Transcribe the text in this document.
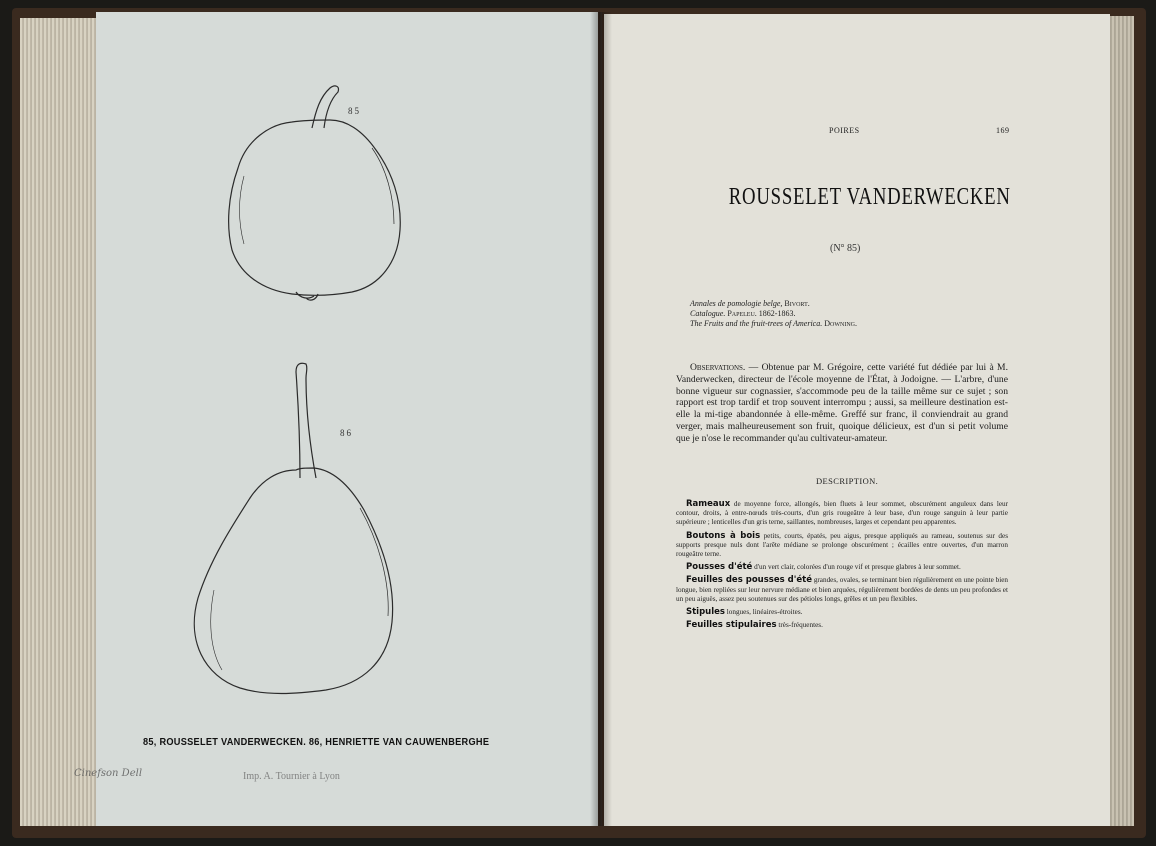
85
86
85, ROUSSELET VANDERWECKEN. 86, HENRIETTE VAN CAUWENBERGHE
Cinefson Dell	Imp. A. Tournier à Lyon
POIRES	169
ROUSSELET VANDERWECKEN
(N° 85)
Annales de pomologie belge, Bivort.
Catalogue. Papeleu. 1862-1863.
The Fruits and the fruit-trees of America. Downing.
Observations. — Obtenue par M. Grégoire, cette variété fut dédiée par lui à M. Vanderwecken, directeur de l'école moyenne de l'État, à Jodoigne. — L'arbre, d'une bonne vigueur sur cognassier, s'accommode peu de la taille même sur ce sujet ; son rapport est trop tardif et trop souvent interrompu ; aussi, sa meilleure destination est-elle la mi-tige abandonnée à elle-même. Greffé sur franc, il conviendrait au grand verger, mais malheureusement son fruit, quoique délicieux, est d'un si petit volume que je n'ose le recommander qu'au cultivateur-amateur.
DESCRIPTION.

Rameaux de moyenne force, allongés, bien fluets à leur sommet, obscurément anguleux dans leur contour, droits, à entre-nœuds très-courts, d'un gris rougeâtre à leur base, d'un rouge sanguin à leur partie supérieure ; lenticelles d'un gris terne, saillantes, nombreuses, larges et cependant peu apparentes.

Boutons à bois petits, courts, épatés, peu aigus, presque appliqués au rameau, soutenus sur des supports presque nuls dont l'arête médiane se prolonge obscurément ; écailles entre ouvertes, d'un marron rougeâtre terne.

Pousses d'été d'un vert clair, colorées d'un rouge vif et presque glabres à leur sommet.

Feuilles des pousses d'été grandes, ovales, se terminant bien régulièrement en une pointe bien longue, bien repliées sur leur nervure médiane et bien arquées, régulièrement bordées de dents un peu profondes et un peu aiguës, assez peu soutenues sur des pétioles longs, grêles et un peu flexibles.

Stipules longues, linéaires-étroites.

Feuilles stipulaires très-fréquentes.
